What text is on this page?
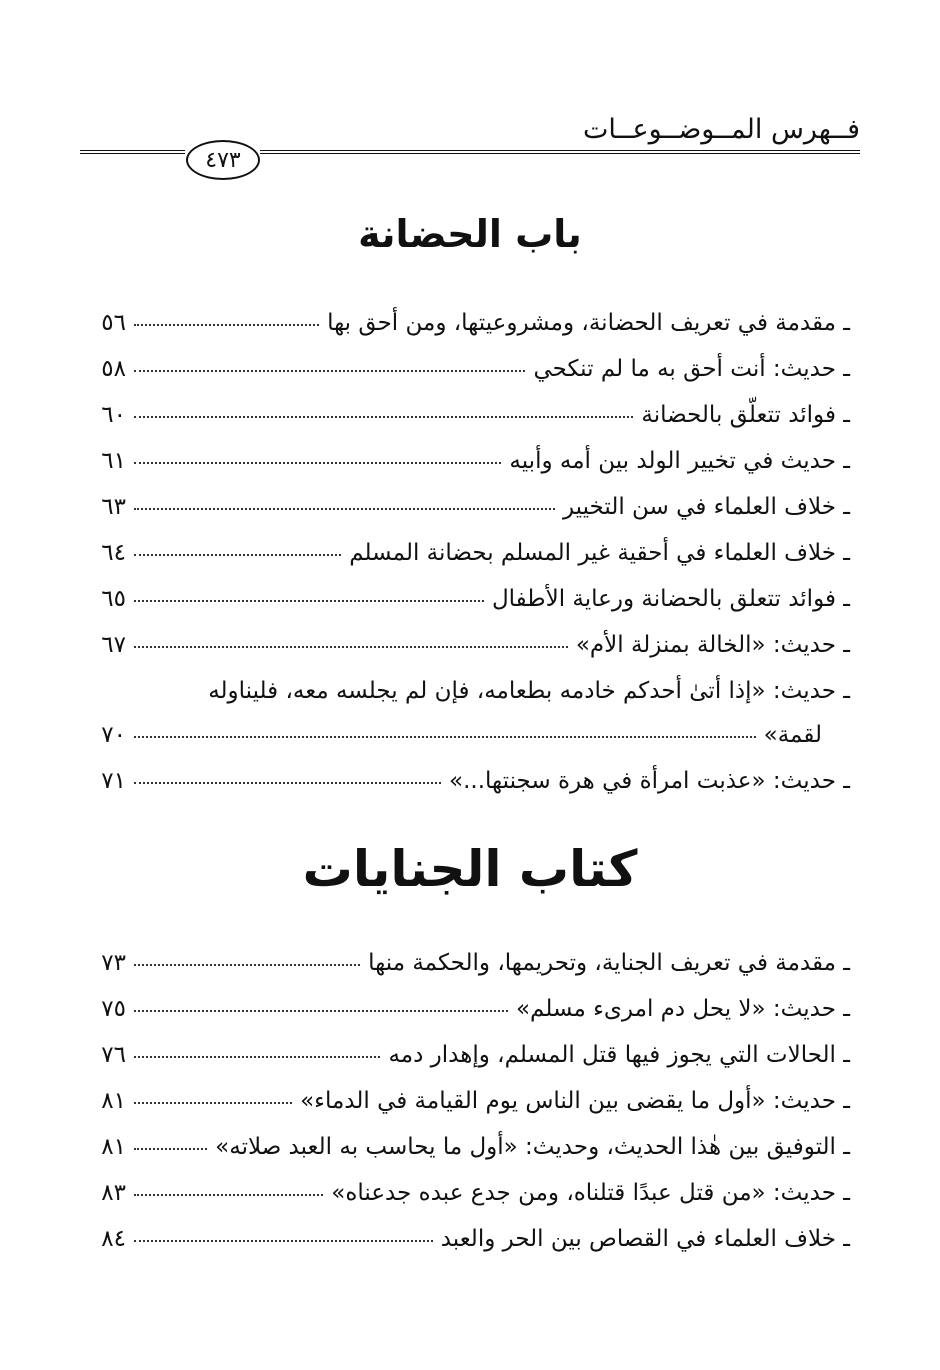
فــهرس المــوضــوعــات
٤٧٣
باب الحضانة
ـ مقدمة في تعريف الحضانة، ومشروعيتها، ومن أحق بها
٥٦
ـ حديث: أنت أحق به ما لم تنكحي
٥٨
ـ فوائد تتعلّق بالحضانة
٦٠
ـ حديث في تخيير الولد بين أمه وأبيه
٦١
ـ خلاف العلماء في سن التخيير
٦٣
ـ خلاف العلماء في أحقية غير المسلم بحضانة المسلم
٦٤
ـ فوائد تتعلق بالحضانة ورعاية الأطفال
٦٥
ـ حديث: «الخالة بمنزلة الأم»
٦٧
ـ حديث: «إذا أتىٰ أحدكم خادمه بطعامه، فإن لم يجلسه معه، فليناوله
لقمة»
٧٠
ـ حديث: «عذبت امرأة في هرة سجنتها...»
٧١
كتاب الجنايات
ـ مقدمة في تعريف الجناية، وتحريمها، والحكمة منها
٧٣
ـ حديث: «لا يحل دم امرىء مسلم»
٧٥
ـ الحالات التي يجوز فيها قتل المسلم، وإهدار دمه
٧٦
ـ حديث: «أول ما يقضى بين الناس يوم القيامة في الدماء»
٨١
ـ التوفيق بين هٰذا الحديث، وحديث: «أول ما يحاسب به العبد صلاته»
٨١
ـ حديث: «من قتل عبدًا قتلناه، ومن جدع عبده جدعناه»
٨٣
ـ خلاف العلماء في القصاص بين الحر والعبد
٨٤
